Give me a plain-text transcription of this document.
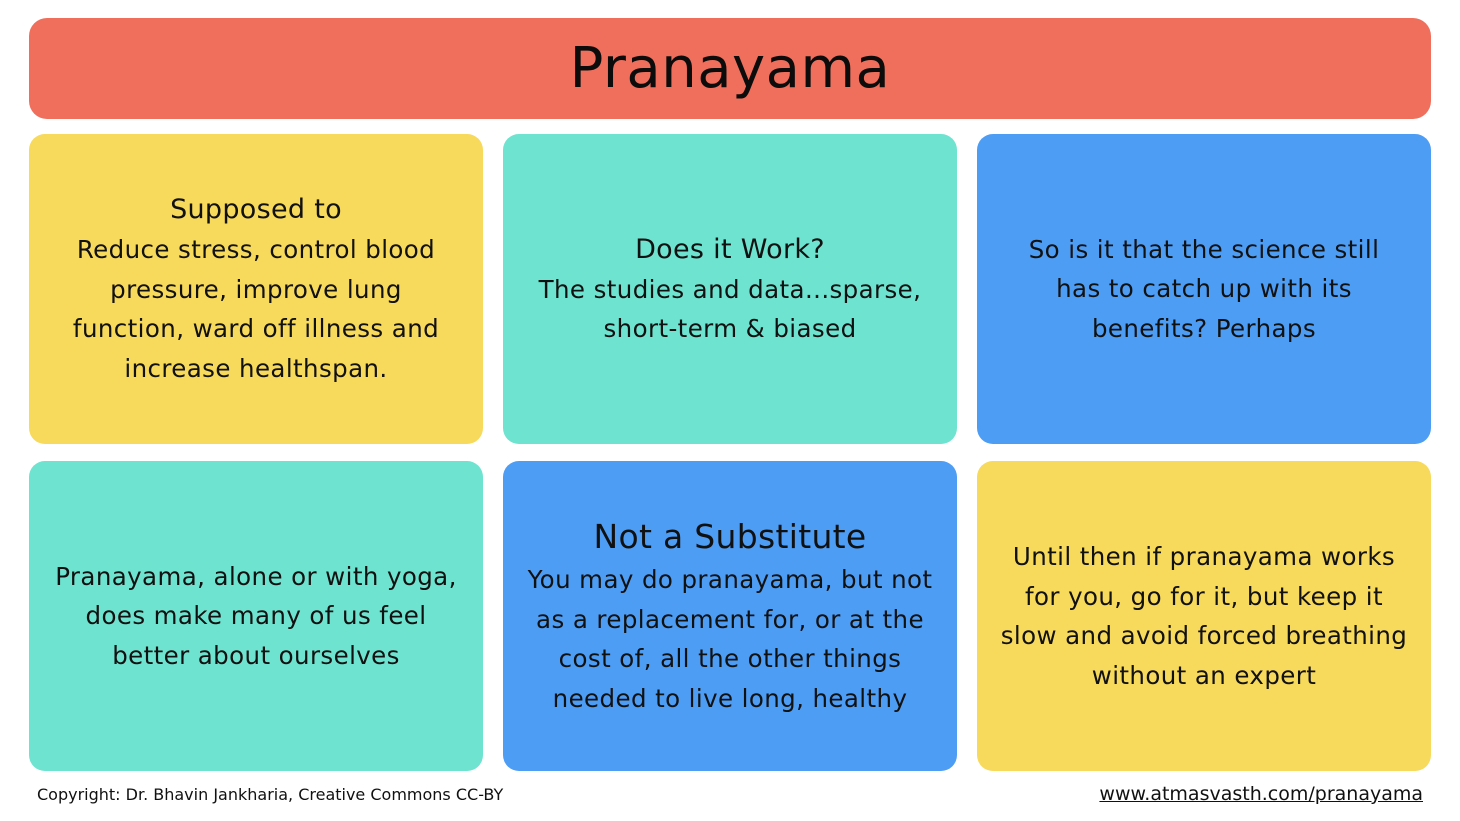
Pranayama
Supposed to
Reduce stress, control blood pressure, improve lung function, ward off illness and increase healthspan.
Does it Work?
The studies and data...sparse, short-term & biased
So is it that the science still has to catch up with its benefits? Perhaps
Pranayama, alone or with yoga, does make many of us feel better about ourselves
Not a Substitute
You may do pranayama, but not as a replacement for, or at the cost of, all the other things needed to live long, healthy
Until then if pranayama works for you, go for it, but keep it slow and avoid forced breathing without an expert
Copyright: Dr. Bhavin Jankharia, Creative Commons CC-BY	www.atmasvasth.com/pranayama
